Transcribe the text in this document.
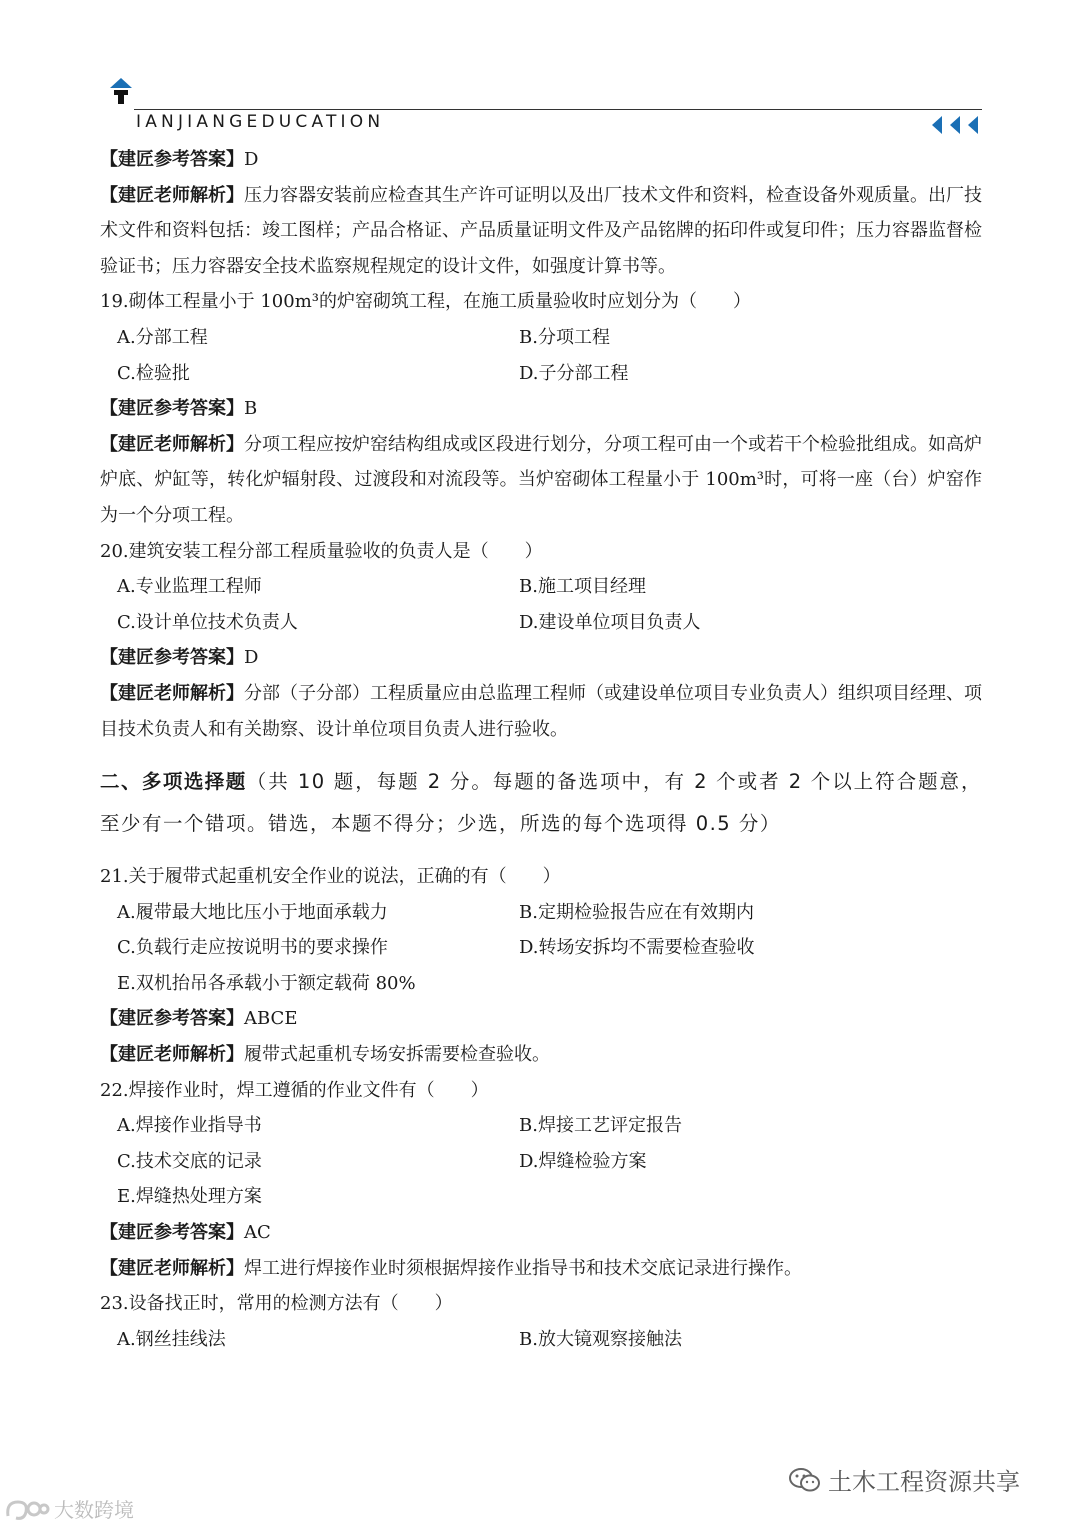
IANJIANGEDUCATION
【建匠参考答案】D
【建匠老师解析】压力容器安装前应检查其生产许可证明以及出厂技术文件和资料，检查设备外观质量。出厂技术文件和资料包括：竣工图样；产品合格证、产品质量证明文件及产品铭牌的拓印件或复印件；压力容器监督检验证书；压力容器安全技术监察规程规定的设计文件，如强度计算书等。
19.砌体工程量小于 100m³的炉窑砌筑工程，在施工质量验收时应划分为（　　）
A.分部工程	B.分项工程
C.检验批	D.子分部工程
【建匠参考答案】B
【建匠老师解析】分项工程应按炉窑结构组成或区段进行划分，分项工程可由一个或若干个检验批组成。如高炉炉底、炉缸等，转化炉辐射段、过渡段和对流段等。当炉窑砌体工程量小于 100m³时，可将一座（台）炉窑作为一个分项工程。
20.建筑安装工程分部工程质量验收的负责人是（　　）
A.专业监理工程师	B.施工项目经理
C.设计单位技术负责人	D.建设单位项目负责人
【建匠参考答案】D
【建匠老师解析】分部（子分部）工程质量应由总监理工程师（或建设单位项目专业负责人）组织项目经理、项目技术负责人和有关勘察、设计单位项目负责人进行验收。
二、多项选择题（共 10 题，每题 2 分。每题的备选项中，有 2 个或者 2 个以上符合题意，至少有一个错项。错选，本题不得分；少选，所选的每个选项得 0.5 分）
21.关于履带式起重机安全作业的说法，正确的有（　　）
A.履带最大地比压小于地面承载力	B.定期检验报告应在有效期内
C.负载行走应按说明书的要求操作	D.转场安拆均不需要检查验收
E.双机抬吊各承载小于额定载荷 80%
【建匠参考答案】ABCE
【建匠老师解析】履带式起重机专场安拆需要检查验收。
22.焊接作业时，焊工遵循的作业文件有（　　）
A.焊接作业指导书	B.焊接工艺评定报告
C.技术交底的记录	D.焊缝检验方案
E.焊缝热处理方案
【建匠参考答案】AC
【建匠老师解析】焊工进行焊接作业时须根据焊接作业指导书和技术交底记录进行操作。
23.设备找正时，常用的检测方法有（　　）
A.钢丝挂线法	B.放大镜观察接触法
土木工程资源共享
大数跨境
